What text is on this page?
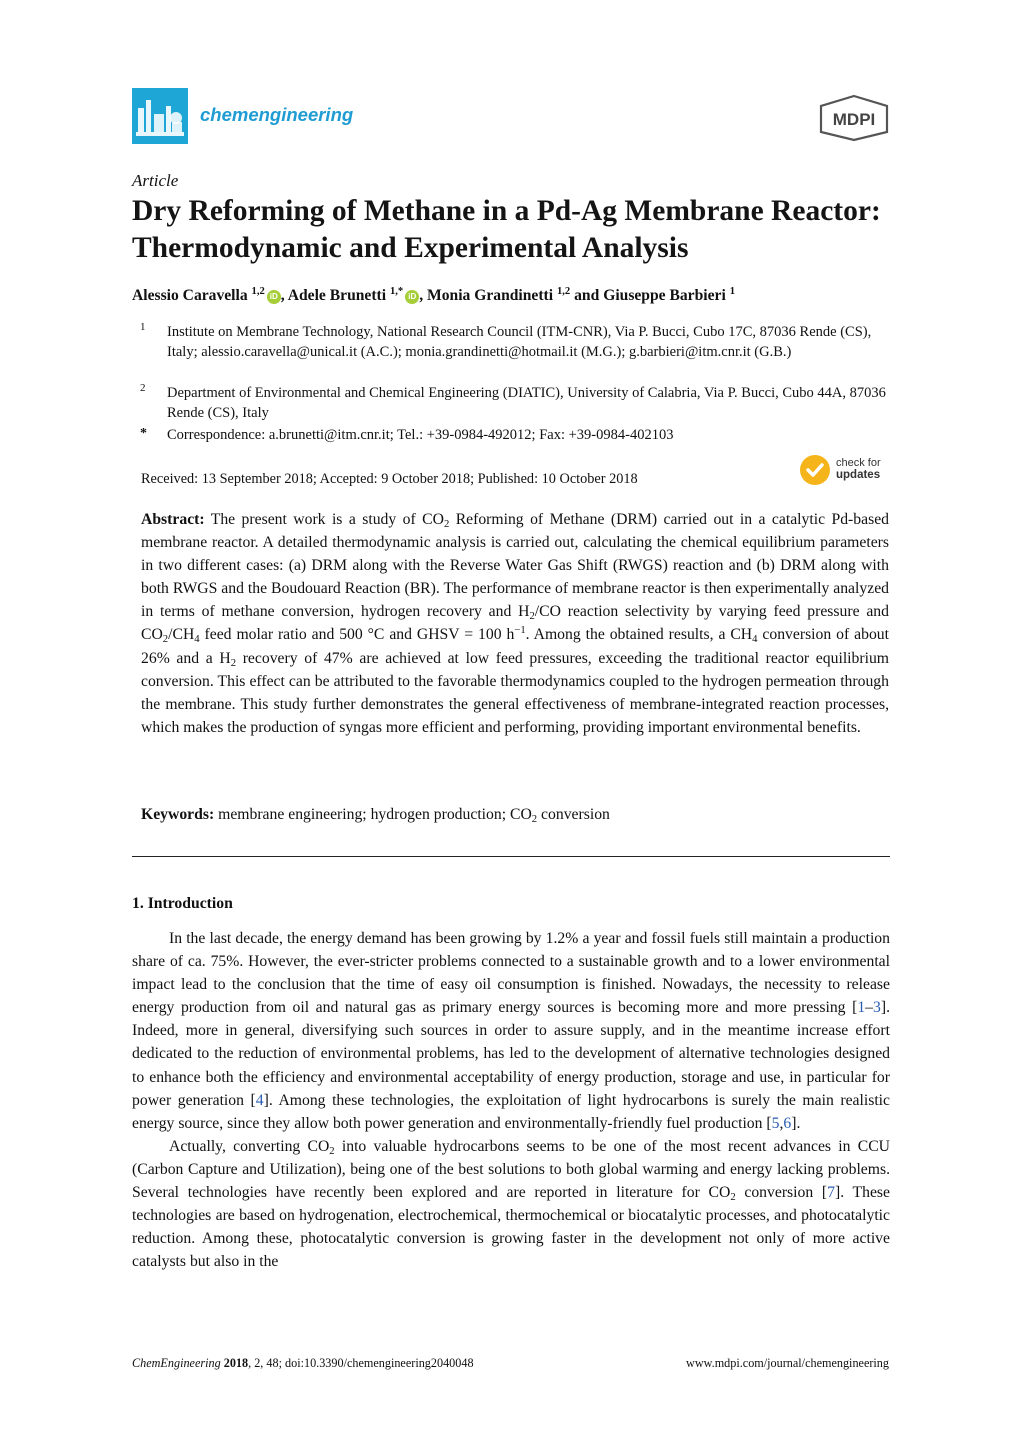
chemengineering	MDPI
Article
Dry Reforming of Methane in a Pd-Ag Membrane Reactor: Thermodynamic and Experimental Analysis
Alessio Caravella $^{1,2}$ iD , Adele Brunetti $^{1,*}$ iD , Monia Grandinetti $^{1,2}$ and Giuseppe Barbieri $^1$
1 Institute on Membrane Technology, National Research Council (ITM-CNR), Via P. Bucci, Cubo 17C, 87036 Rende (CS), Italy; alessio.caravella@unical.it (A.C.); monia.grandinetti@hotmail.it (M.G.); g.barbieri@itm.cnr.it (G.B.)
2 Department of Environmental and Chemical Engineering (DIATIC), University of Calabria, Via P. Bucci, Cubo 44A, 87036 Rende (CS), Italy
* Correspondence: a.brunetti@itm.cnr.it; Tel.: +39-0984-492012; Fax: +39-0984-402103
Received: 13 September 2018; Accepted: 9 October 2018; Published: 10 October 2018
check for
updates
Abstract: The present work is a study of $CO_2$ Reforming of Methane (DRM) carried out in a catalytic Pd-based membrane reactor. A detailed thermodynamic analysis is carried out, calculating the chemical equilibrium parameters in two different cases: (a) DRM along with the Reverse Water Gas Shift (RWGS) reaction and (b) DRM along with both RWGS and the Boudouard Reaction (BR). The performance of membrane reactor is then experimentally analyzed in terms of methane conversion, hydrogen recovery and $H_2/CO$ reaction selectivity by varying feed pressure and $CO_2/CH_4$ feed molar ratio and 500 °C and GHSV = 100 $h^{-1}$. Among the obtained results, a $CH_4$ conversion of about 26% and a $H_2$ recovery of 47% are achieved at low feed pressures, exceeding the traditional reactor equilibrium conversion. This effect can be attributed to the favorable thermodynamics coupled to the hydrogen permeation through the membrane. This study further demonstrates the general effectiveness of membrane-integrated reaction processes, which makes the production of syngas more efficient and performing, providing important environmental benefits.
Keywords: membrane engineering; hydrogen production; $CO_2$ conversion
1. Introduction

In the last decade, the energy demand has been growing by 1.2% a year and fossil fuels still maintain a production share of ca. 75%. However, the ever-stricter problems connected to a sustainable growth and to a lower environmental impact lead to the conclusion that the time of easy oil consumption is finished. Nowadays, the necessity to release energy production from oil and natural gas as primary energy sources is becoming more and more pressing [1–3]. Indeed, more in general, diversifying such sources in order to assure supply, and in the meantime increase effort dedicated to the reduction of environmental problems, has led to the development of alternative technologies designed to enhance both the efficiency and environmental acceptability of energy production, storage and use, in particular for power generation [4]. Among these technologies, the exploitation of light hydrocarbons is surely the main realistic energy source, since they allow both power generation and environmentally-friendly fuel production [5,6].

Actually, converting $CO_2$ into valuable hydrocarbons seems to be one of the most recent advances in CCU (Carbon Capture and Utilization), being one of the best solutions to both global warming and energy lacking problems. Several technologies have recently been explored and are reported in literature for $CO_2$ conversion [7]. These technologies are based on hydrogenation, electrochemical, thermochemical or biocatalytic processes, and photocatalytic reduction. Among these, photocatalytic conversion is growing faster in the development not only of more active catalysts but also in the

ChemEngineering 2018, 2, 48; doi:10.3390/chemengineering2040048	www.mdpi.com/journal/chemengineering
